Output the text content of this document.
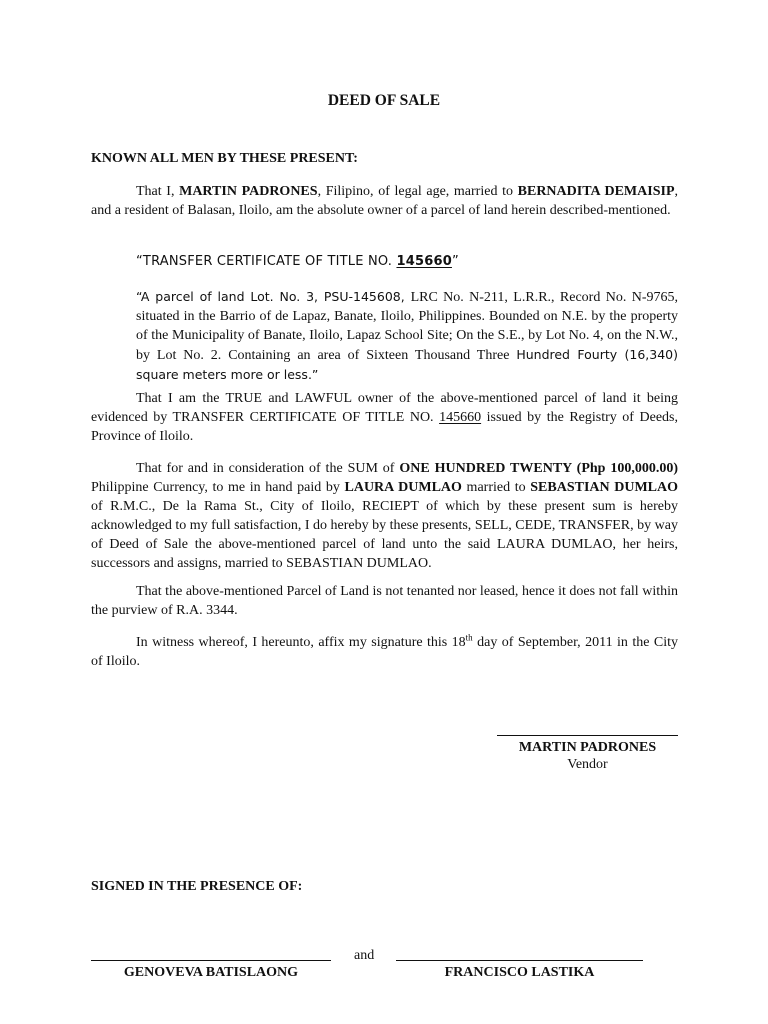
DEED OF SALE
KNOWN ALL MEN BY THESE PRESENT:
That I, MARTIN PADRONES, Filipino, of legal age, married to BERNADITA DEMAISIP, and a resident of Balasan, Iloilo, am the absolute owner of a parcel of land herein described-mentioned.
“TRANSFER CERTIFICATE OF TITLE NO. 145660”
“A parcel of land Lot. No. 3, PSU-145608, LRC No. N-211, L.R.R., Record No. N-9765, situated in the Barrio of de Lapaz, Banate, Iloilo, Philippines. Bounded on N.E. by the property of the Municipality of Banate, Iloilo, Lapaz School Site; On the S.E., by Lot No. 4, on the N.W., by Lot No. 2. Containing an area of Sixteen Thousand Three Hundred Fourty (16,340) square meters more or less.”
That I am the TRUE and LAWFUL owner of the above-mentioned parcel of land it being evidenced by TRANSFER CERTIFICATE OF TITLE NO. 145660 issued by the Registry of Deeds, Province of Iloilo.
That for and in consideration of the SUM of ONE HUNDRED TWENTY (Php 100,000.00) Philippine Currency, to me in hand paid by LAURA DUMLAO married to SEBASTIAN DUMLAO of R.M.C., De la Rama St., City of Iloilo, RECIEPT of which by these present sum is hereby acknowledged to my full satisfaction, I do hereby by these presents, SELL, CEDE, TRANSFER, by way of Deed of Sale the above-mentioned parcel of land unto the said LAURA DUMLAO, her heirs, successors and assigns, married to SEBASTIAN DUMLAO.
That the above-mentioned Parcel of Land is not tenanted nor leased, hence it does not fall within the purview of R.A. 3344.
In witness whereof, I hereunto, affix my signature this 18th day of September, 2011 in the City of Iloilo.
MARTIN PADRONES
Vendor
SIGNED IN THE PRESENCE OF:
and
GENOVEVA BATISLAONG	FRANCISCO LASTIKA
